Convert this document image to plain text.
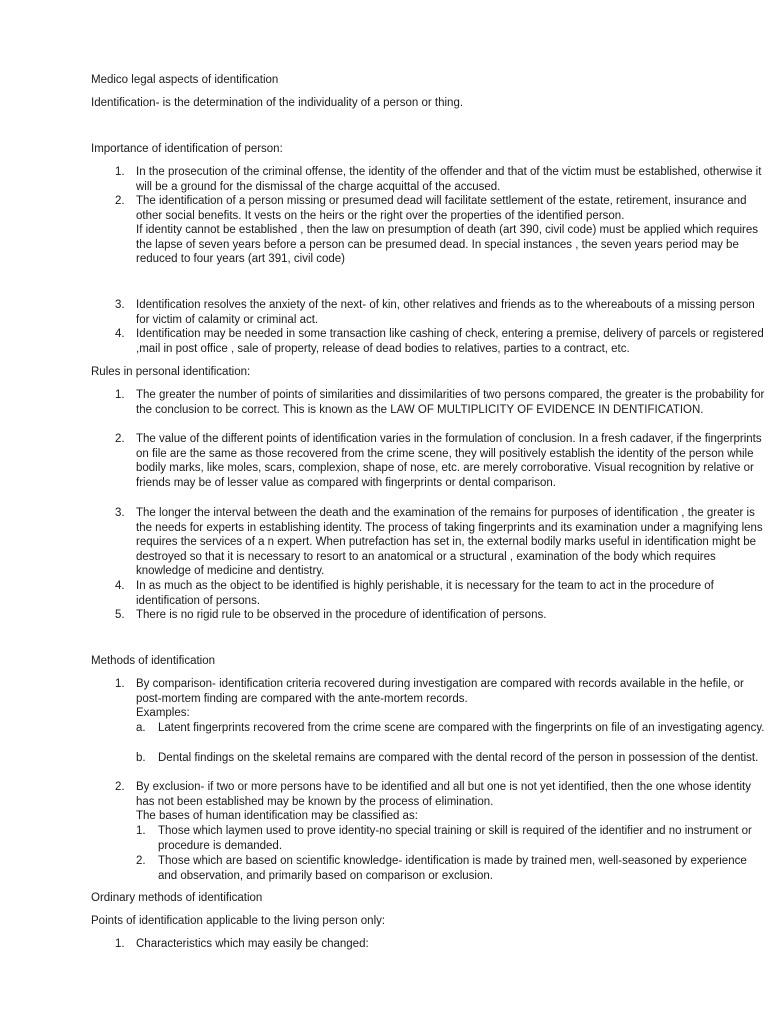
Medico legal aspects of identification

Identification- is the determination of the individuality of a person or thing.

Importance of identification of person:

1. In the prosecution of the criminal offense, the identity of the offender and that of the victim must be established, otherwise it will be a ground for the dismissal of the charge acquittal of the accused.
2. The identification of a person missing or presumed dead will facilitate settlement of the estate, retirement, insurance and other social benefits. It vests on the heirs or the right over the properties of the identified person.
If identity cannot be established , then the law on presumption of death (art 390, civil code) must be applied which requires the lapse of seven years before a person can be presumed dead. In special instances , the seven years period may be reduced to four years (art 391, civil code)
3. Identification resolves the anxiety of the next- of kin, other relatives and friends as to the whereabouts of a missing person for victim of calamity or criminal act.
4. Identification may be needed in some transaction like cashing of check, entering a premise, delivery of parcels or registered ,mail in post office , sale of property, release of dead bodies to relatives, parties to a contract, etc.

Rules in personal identification:

1. The greater the number of points of similarities and dissimilarities of two persons compared, the greater is the probability for the conclusion to be correct. This is known as the LAW OF MULTIPLICITY OF EVIDENCE IN DENTIFICATION.
2. The value of the different points of identification varies in the formulation of conclusion. In a fresh cadaver, if the fingerprints on file are the same as those recovered from the crime scene, they will positively establish the identity of the person while bodily marks, like moles, scars, complexion, shape of nose, etc. are merely corroborative. Visual recognition by relative or friends may be of lesser value as compared with fingerprints or dental comparison.
3. The longer the interval between the death and the examination of the remains for purposes of identification , the greater is the needs for experts in establishing identity. The process of taking fingerprints and its examination under a magnifying lens requires the services of a n expert. When putrefaction has set in, the external bodily marks useful in identification might be destroyed so that it is necessary to resort to an anatomical or a structural , examination of the body which requires knowledge of medicine and dentistry.
4. In as much as the object to be identified is highly perishable, it is necessary for the team to act in the procedure of identification of persons.
5. There is no rigid rule to be observed in the procedure of identification of persons.

Methods of identification

1. By comparison- identification criteria recovered during investigation are compared with records available in the hefile, or post-mortem finding are compared with the ante-mortem records.
Examples:
a.	Latent fingerprints recovered from the crime scene are compared with the fingerprints on file of an investigating agency.
b.	Dental findings on the skeletal remains are compared with the dental record of the person in possession of the dentist.
2. By exclusion- if two or more persons have to be identified and all but one is not yet identified, then the one whose identity has not been established may be known by the process of elimination.
The bases of human identification may be classified as:
1.	Those which laymen used to prove identity-no special training or skill is required of the identifier and no instrument or procedure is demanded.
2.	Those which are based on scientific knowledge- identification is made by trained men, well-seasoned by experience and observation, and primarily based on comparison or exclusion.

Ordinary methods of identification

Points of identification applicable to the living person only:

1. Characteristics which may easily be changed:
